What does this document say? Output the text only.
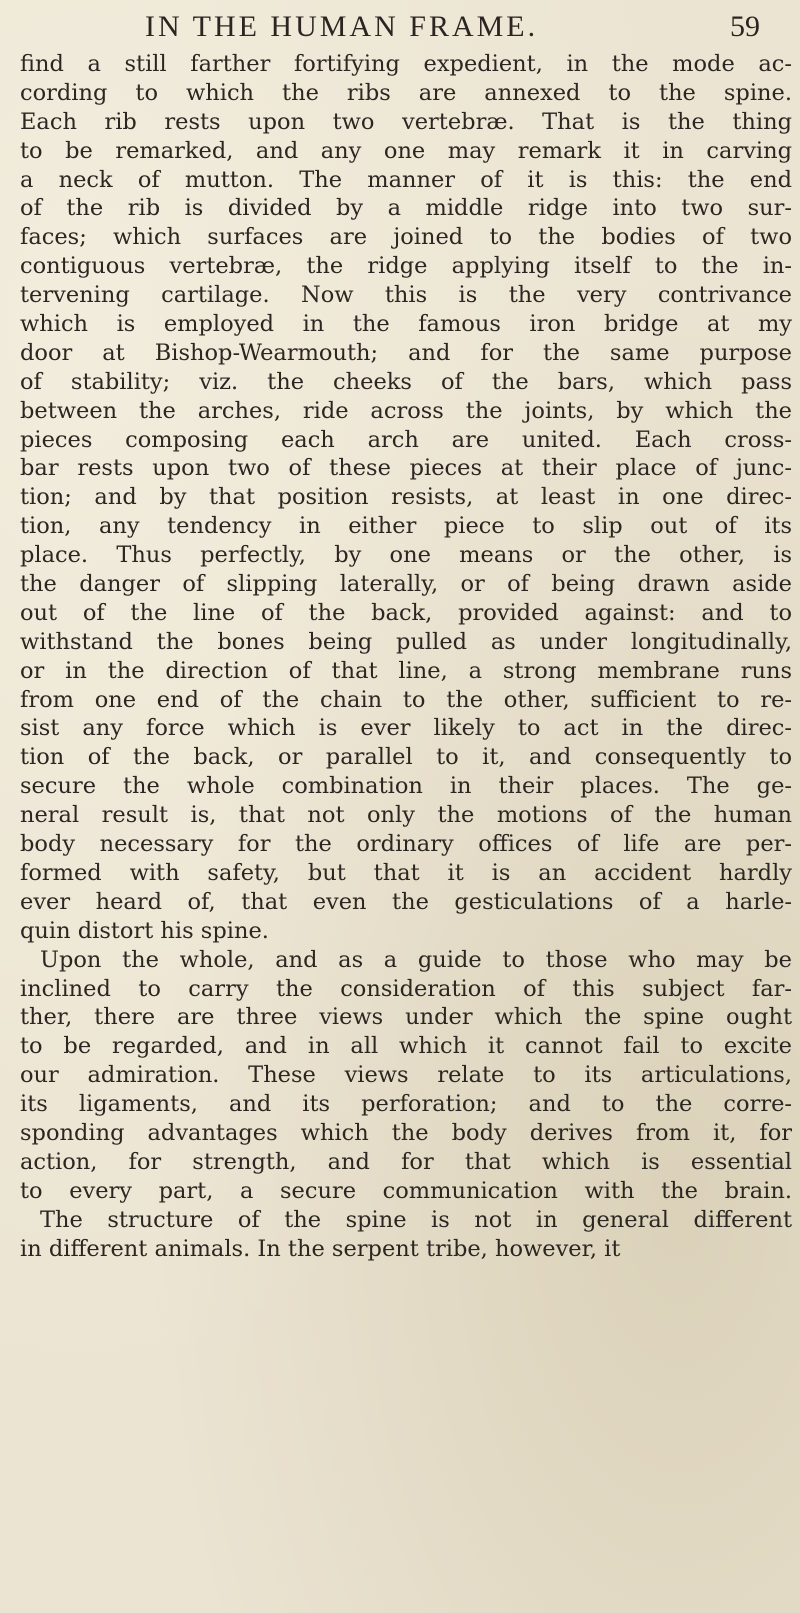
IN THE HUMAN FRAME.	59
find a still farther fortifying expedient, in the mode ac-
cording to which the ribs are annexed to the spine.
Each rib rests upon two vertebræ. That is the thing
to be remarked, and any one may remark it in carving
a neck of mutton. The manner of it is this: the end
of the rib is divided by a middle ridge into two sur-
faces; which surfaces are joined to the bodies of two
contiguous vertebræ, the ridge applying itself to the in-
tervening cartilage. Now this is the very contrivance
which is employed in the famous iron bridge at my
door at Bishop-Wearmouth; and for the same purpose
of stability; viz. the cheeks of the bars, which pass
between the arches, ride across the joints, by which the
pieces composing each arch are united. Each cross-
bar rests upon two of these pieces at their place of junc-
tion; and by that position resists, at least in one direc-
tion, any tendency in either piece to slip out of its
place. Thus perfectly, by one means or the other, is
the danger of slipping laterally, or of being drawn aside
out of the line of the back, provided against: and to
withstand the bones being pulled as under longitudinally,
or in the direction of that line, a strong membrane runs
from one end of the chain to the other, sufficient to re-
sist any force which is ever likely to act in the direc-
tion of the back, or parallel to it, and consequently to
secure the whole combination in their places. The ge-
neral result is, that not only the motions of the human
body necessary for the ordinary offices of life are per-
formed with safety, but that it is an accident hardly
ever heard of, that even the gesticulations of a harle-
quin distort his spine.
Upon the whole, and as a guide to those who may be
inclined to carry the consideration of this subject far-
ther, there are three views under which the spine ought
to be regarded, and in all which it cannot fail to excite
our admiration. These views relate to its articulations,
its ligaments, and its perforation; and to the corre-
sponding advantages which the body derives from it, for
action, for strength, and for that which is essential
to every part, a secure communication with the brain.
The structure of the spine is not in general different
in different animals. In the serpent tribe, however, it
